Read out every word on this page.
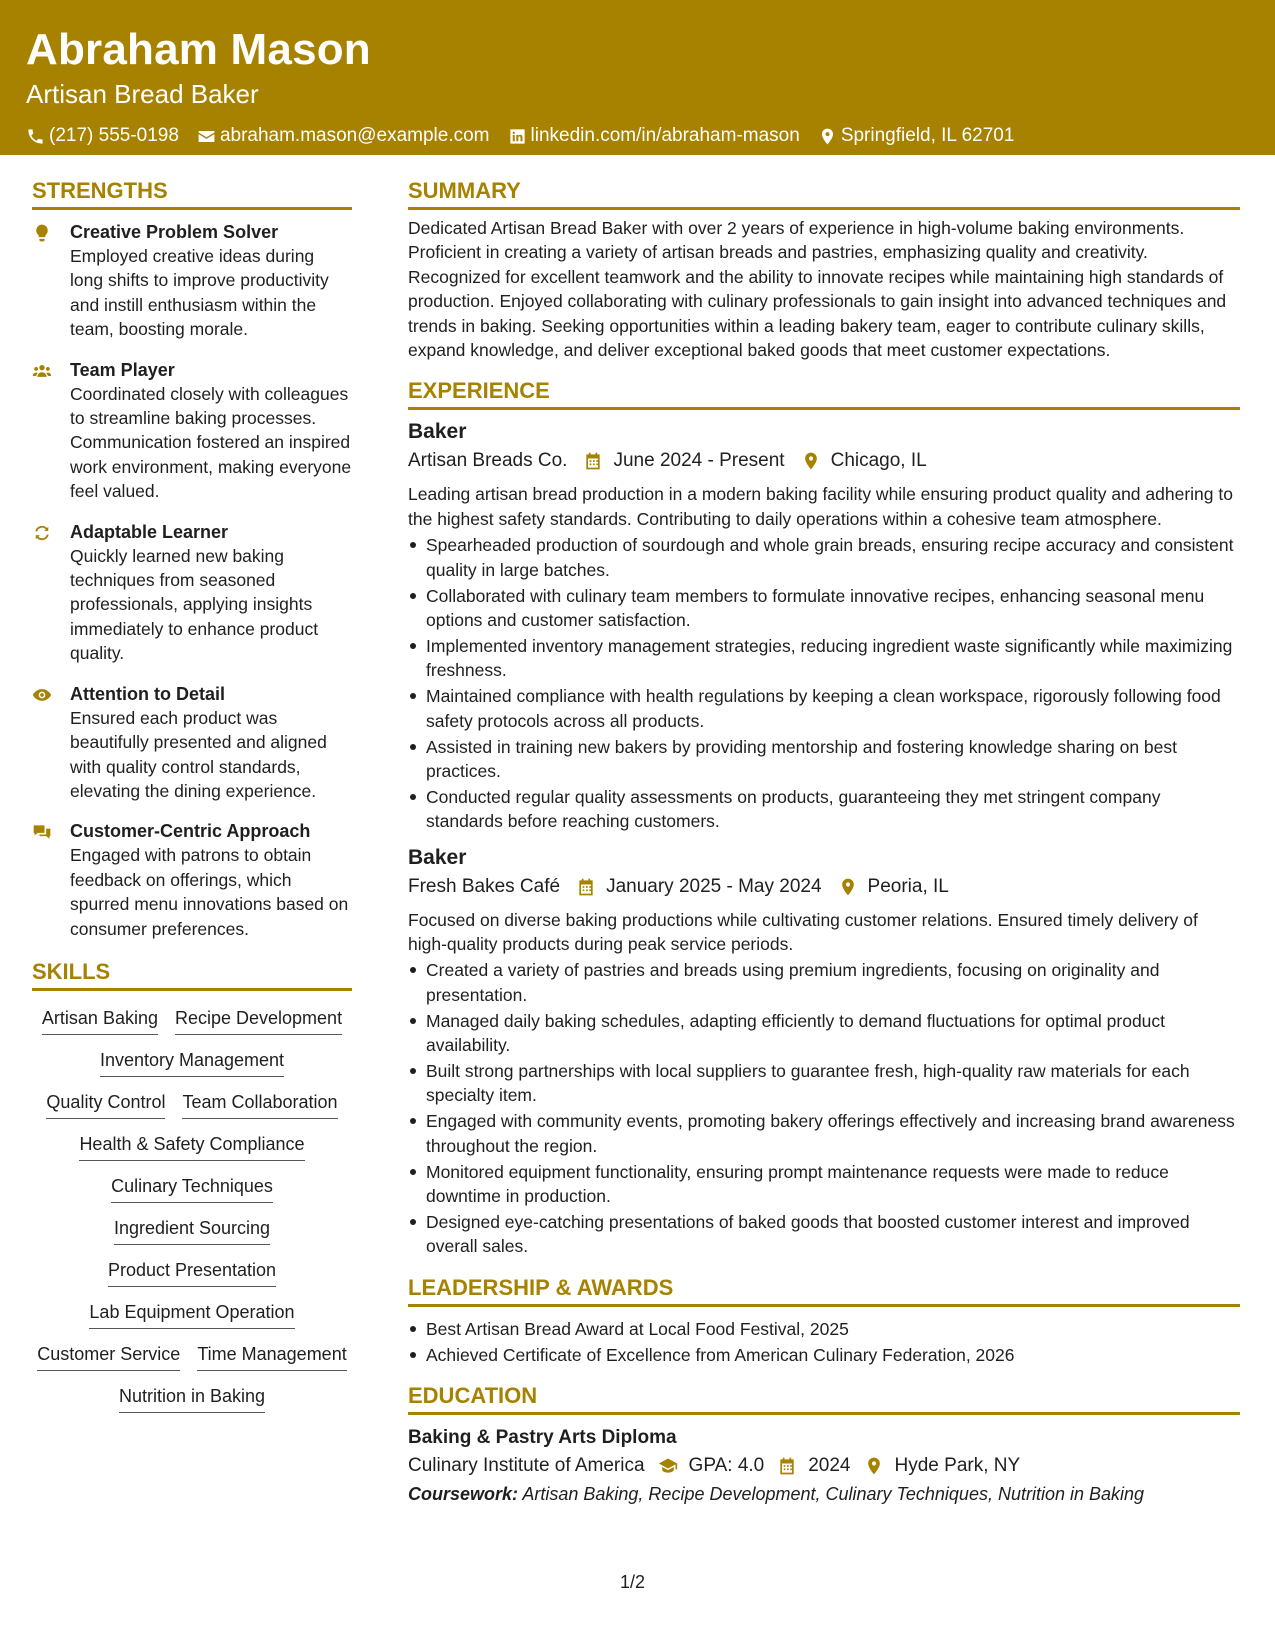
Abraham Mason
Artisan Bread Baker
(217) 555-0198 abraham.mason@example.com linkedin.com/in/abraham-mason Springfield, IL 62701
STRENGTHS
Creative Problem Solver
Employed creative ideas during long shifts to improve productivity and instill enthusiasm within the team, boosting morale.
Team Player
Coordinated closely with colleagues to streamline baking processes. Communication fostered an inspired work environment, making everyone feel valued.
Adaptable Learner
Quickly learned new baking techniques from seasoned professionals, applying insights immediately to enhance product quality.
Attention to Detail
Ensured each product was beautifully presented and aligned with quality control standards, elevating the dining experience.
Customer-Centric Approach
Engaged with patrons to obtain feedback on offerings, which spurred menu innovations based on consumer preferences.
SKILLS
Artisan Baking Recipe Development
Inventory Management
Quality Control Team Collaboration
Health & Safety Compliance
Culinary Techniques
Ingredient Sourcing
Product Presentation
Lab Equipment Operation
Customer Service Time Management
Nutrition in Baking
SUMMARY
Dedicated Artisan Bread Baker with over 2 years of experience in high-volume baking environments. Proficient in creating a variety of artisan breads and pastries, emphasizing quality and creativity. Recognized for excellent teamwork and the ability to innovate recipes while maintaining high standards of production. Enjoyed collaborating with culinary professionals to gain insight into advanced techniques and trends in baking. Seeking opportunities within a leading bakery team, eager to contribute culinary skills, expand knowledge, and deliver exceptional baked goods that meet customer expectations.
EXPERIENCE
Baker
Artisan Breads Co. June 2024 - Present Chicago, IL
Leading artisan bread production in a modern baking facility while ensuring product quality and adhering to the highest safety standards. Contributing to daily operations within a cohesive team atmosphere.
Spearheaded production of sourdough and whole grain breads, ensuring recipe accuracy and consistent quality in large batches.
Collaborated with culinary team members to formulate innovative recipes, enhancing seasonal menu options and customer satisfaction.
Implemented inventory management strategies, reducing ingredient waste significantly while maximizing freshness.
Maintained compliance with health regulations by keeping a clean workspace, rigorously following food safety protocols across all products.
Assisted in training new bakers by providing mentorship and fostering knowledge sharing on best practices.
Conducted regular quality assessments on products, guaranteeing they met stringent company standards before reaching customers.
Baker
Fresh Bakes Café January 2025 - May 2024 Peoria, IL
Focused on diverse baking productions while cultivating customer relations. Ensured timely delivery of high-quality products during peak service periods.
Created a variety of pastries and breads using premium ingredients, focusing on originality and presentation.
Managed daily baking schedules, adapting efficiently to demand fluctuations for optimal product availability.
Built strong partnerships with local suppliers to guarantee fresh, high-quality raw materials for each specialty item.
Engaged with community events, promoting bakery offerings effectively and increasing brand awareness throughout the region.
Monitored equipment functionality, ensuring prompt maintenance requests were made to reduce downtime in production.
Designed eye-catching presentations of baked goods that boosted customer interest and improved overall sales.
LEADERSHIP & AWARDS
Best Artisan Bread Award at Local Food Festival, 2025
Achieved Certificate of Excellence from American Culinary Federation, 2026
EDUCATION
Baking & Pastry Arts Diploma
Culinary Institute of America GPA: 4.0 2024 Hyde Park, NY
Coursework: Artisan Baking, Recipe Development, Culinary Techniques, Nutrition in Baking
1/2
